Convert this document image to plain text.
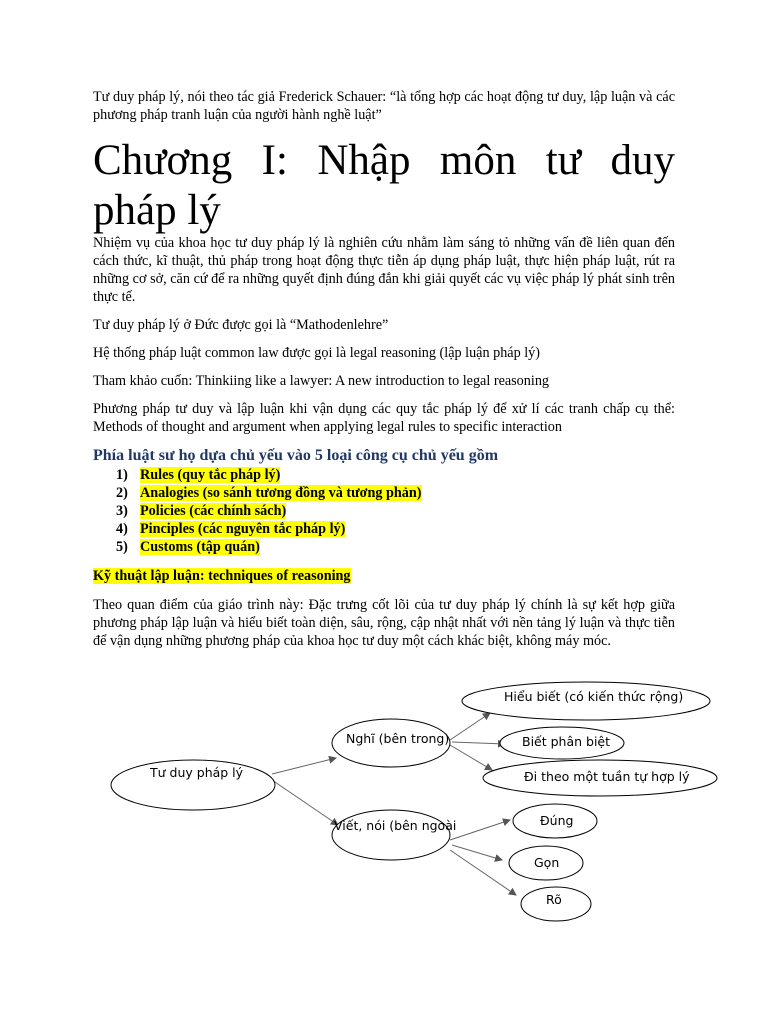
Tư duy pháp lý, nói theo tác giả Frederick Schauer: “là tổng hợp các hoạt động tư duy, lập luận và các phương pháp tranh luận của người hành nghề luật”

Chương I: Nhập môn tư duy pháp lý

Nhiệm vụ của khoa học tư duy pháp lý là nghiên cứu nhằm làm sáng tỏ những vấn đề liên quan đến cách thức, kĩ thuật, thủ pháp trong hoạt động thực tiễn áp dụng pháp luật, thực hiện pháp luật, rút ra những cơ sở, căn cứ để ra những quyết định đúng đắn khi giải quyết các vụ việc pháp lý phát sinh trên thực tế.

Tư duy pháp lý ở Đức được gọi là “Mathodenlehre”

Hệ thống pháp luật common law được gọi là legal reasoning (lập luận pháp lý)

Tham khảo cuốn: Thinkiing like a lawyer: A new introduction to legal reasoning

Phương pháp tư duy và lập luận khi vận dụng các quy tắc pháp lý để xử lí các tranh chấp cụ thể: Methods of thought and argument when applying legal rules to specific interaction

Phía luật sư họ dựa chủ yếu vào 5 loại công cụ chủ yếu gồm
1) Rules (quy tắc pháp lý)
2) Analogies (so sánh tương đồng và tương phản)
3) Policies (các chính sách)
4) Pinciples (các nguyên tắc pháp lý)
5) Customs (tập quán)

Kỹ thuật lập luận: techniques of reasoning

Theo quan điểm của giáo trình này: Đặc trưng cốt lõi của tư duy pháp lý chính là sự kết hợp giữa phương pháp lập luận và hiểu biết toàn diện, sâu, rộng, cập nhật nhất với nền tảng lý luận và thực tiễn để vận dụng những phương pháp của khoa học tư duy một cách khác biệt, không máy móc.

Tư duy pháp lý
Nghĩ (bên trong)
Viết, nói (bên ngoài
Hiểu biết (có kiến thức rộng)
Biết phân biệt
Đi theo một tuần tự hợp lý
Đúng
Gọn
Rõ
